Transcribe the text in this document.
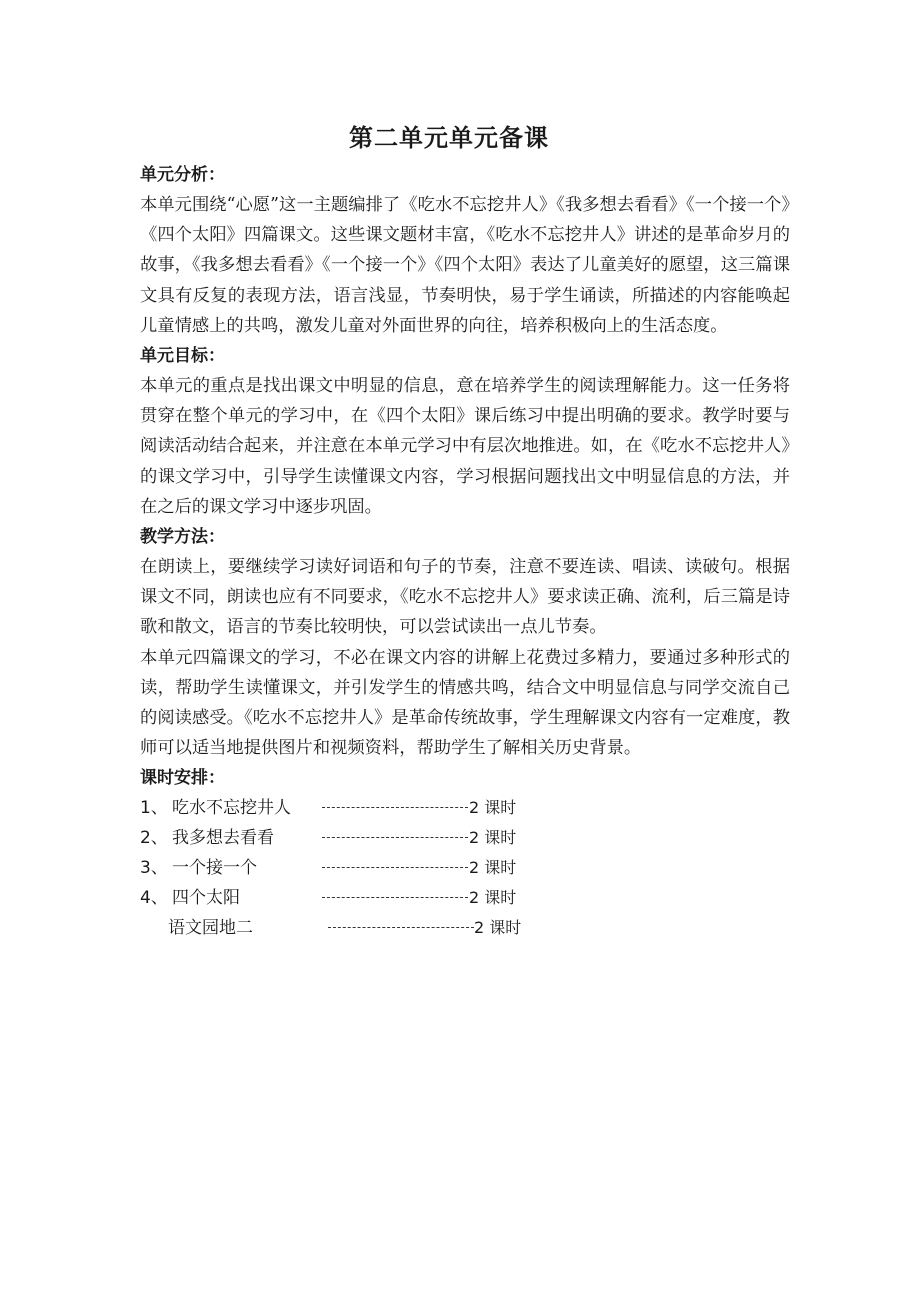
第二单元单元备课
单元分析：

本单元围绕“心愿”这一主题编排了《吃水不忘挖井人》《我多想去看看》《一个接一个》《四个太阳》四篇课文。这些课文题材丰富，《吃水不忘挖井人》讲述的是革命岁月的故事，《我多想去看看》《一个接一个》《四个太阳》表达了儿童美好的愿望，这三篇课文具有反复的表现方法，语言浅显，节奏明快，易于学生诵读，所描述的内容能唤起儿童情感上的共鸣，激发儿童对外面世界的向往，培养积极向上的生活态度。

单元目标：

本单元的重点是找出课文中明显的信息，意在培养学生的阅读理解能力。这一任务将贯穿在整个单元的学习中，在《四个太阳》课后练习中提出明确的要求。教学时要与阅读活动结合起来，并注意在本单元学习中有层次地推进。如，在《吃水不忘挖井人》的课文学习中，引导学生读懂课文内容，学习根据问题找出文中明显信息的方法，并在之后的课文学习中逐步巩固。

教学方法：

在朗读上，要继续学习读好词语和句子的节奏，注意不要连读、唱读、读破句。根据课文不同，朗读也应有不同要求，《吃水不忘挖井人》要求读正确、流利，后三篇是诗歌和散文，语言的节奏比较明快，可以尝试读出一点儿节奏。

本单元四篇课文的学习，不必在课文内容的讲解上花费过多精力，要通过多种形式的读，帮助学生读懂课文，并引发学生的情感共鸣，结合文中明显信息与同学交流自己的阅读感受。《吃水不忘挖井人》是革命传统故事，学生理解课文内容有一定难度，教师可以适当地提供图片和视频资料，帮助学生了解相关历史背景。

课时安排：
1、 吃水不忘挖井人	2 课时
2、 我多想去看看	2 课时
3、 一个接一个	2 课时
4、 四个太阳	2 课时
语文园地二	2 课时
